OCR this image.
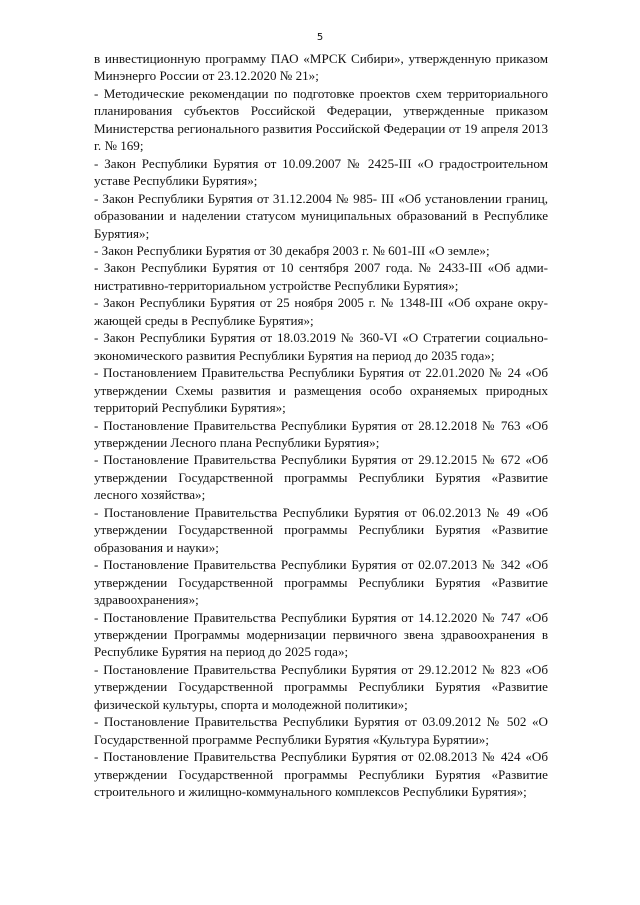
5

в инвестиционную программу ПАО «МРСК Сибири», утвержденную приказом Минэнерго России от 23.12.2020 № 21»;

- Методические рекомендации по подготовке проектов схем территориального планирования субъектов Российской Федерации, утвержденные приказом Министерства регионального развития Российской Федерации от 19 апреля 2013 г. № 169;

- Закон Республики Бурятия от 10.09.2007 № 2425-III «О градостроительном уставе Республики Бурятия»;

- Закон Республики Бурятия от 31.12.2004 № 985- III «Об установлении границ, образовании и наделении статусом муниципальных образований в Республике Бурятия»;

- Закон Республики Бурятия от 30 декабря 2003 г. № 601-III «О земле»;

- Закон Республики Бурятия от 10 сентября 2007 года. № 2433-III «Об административно-территориальном устройстве Республики Бурятия»;

- Закон Республики Бурятия от 25 ноября 2005 г. № 1348-III «Об охране окружающей среды в Республике Бурятия»;

- Закон Республики Бурятия от 18.03.2019 № 360-VI «О Стратегии социально-экономического развития Республики Бурятия на период до 2035 года»;

- Постановлением Правительства Республики Бурятия от 22.01.2020 № 24 «Об утверждении Схемы развития и размещения особо охраняемых природных территорий Республики Бурятия»;

- Постановление Правительства Республики Бурятия от 28.12.2018 № 763 «Об утверждении Лесного плана Республики Бурятия»;

- Постановление Правительства Республики Бурятия от 29.12.2015 № 672 «Об утверждении Государственной программы Республики Бурятия «Развитие лесного хозяйства»;

- Постановление Правительства Республики Бурятия от 06.02.2013 № 49 «Об утверждении Государственной программы Республики Бурятия «Развитие образования и науки»;

- Постановление Правительства Республики Бурятия от 02.07.2013 № 342 «Об утверждении Государственной программы Республики Бурятия «Развитие здравоохранения»;

- Постановление Правительства Республики Бурятия от 14.12.2020 № 747 «Об утверждении Программы модернизации первичного звена здравоохранения в Республике Бурятия на период до 2025 года»;

- Постановление Правительства Республики Бурятия от 29.12.2012 № 823 «Об утверждении Государственной программы Республики Бурятия «Развитие физической культуры, спорта и молодежной политики»;

- Постановление Правительства Республики Бурятия от 03.09.2012 № 502 «О Государственной программе Республики Бурятия «Культура Бурятии»;

- Постановление Правительства Республики Бурятия от 02.08.2013 № 424 «Об утверждении Государственной программы Республики Бурятия «Развитие строительного и жилищно-коммунального комплексов Республики Бурятия»;
